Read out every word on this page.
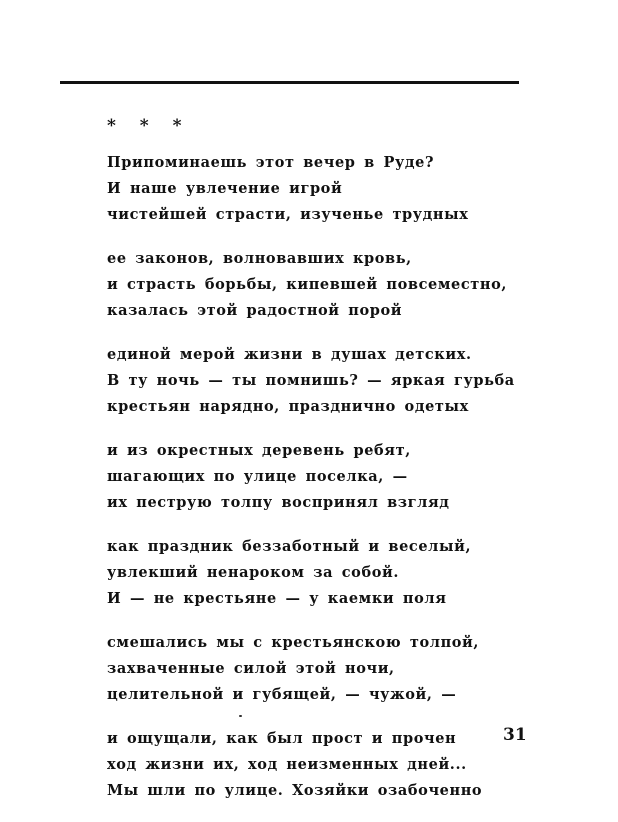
* * *
Припоминаешь этот вечер в Руде?
И наше увлечение игрой
чистейшей страсти, изученье трудных
ее законов, волновавших кровь,
и страсть борьбы, кипевшей повсеместно,
казалась этой радостной порой
единой мерой жизни в душах детских.
В ту ночь — ты помнишь? — яркая гурьба
крестьян нарядно, празднично одетых
и из окрестных деревень ребят,
шагающих по улице поселка, —
их пеструю толпу воспринял взгляд
как праздник беззаботный и веселый,
увлекший ненароком за собой.
И — не крестьяне — у каемки поля
смешались мы с крестьянскою толпой,
захваченные силой этой ночи,
целительной и губящей, — чужой, —
и ощущали, как был прост и прочен
ход жизни их, ход неизменных дней...
Мы шли по улице. Хозяйки озабоченно
31
